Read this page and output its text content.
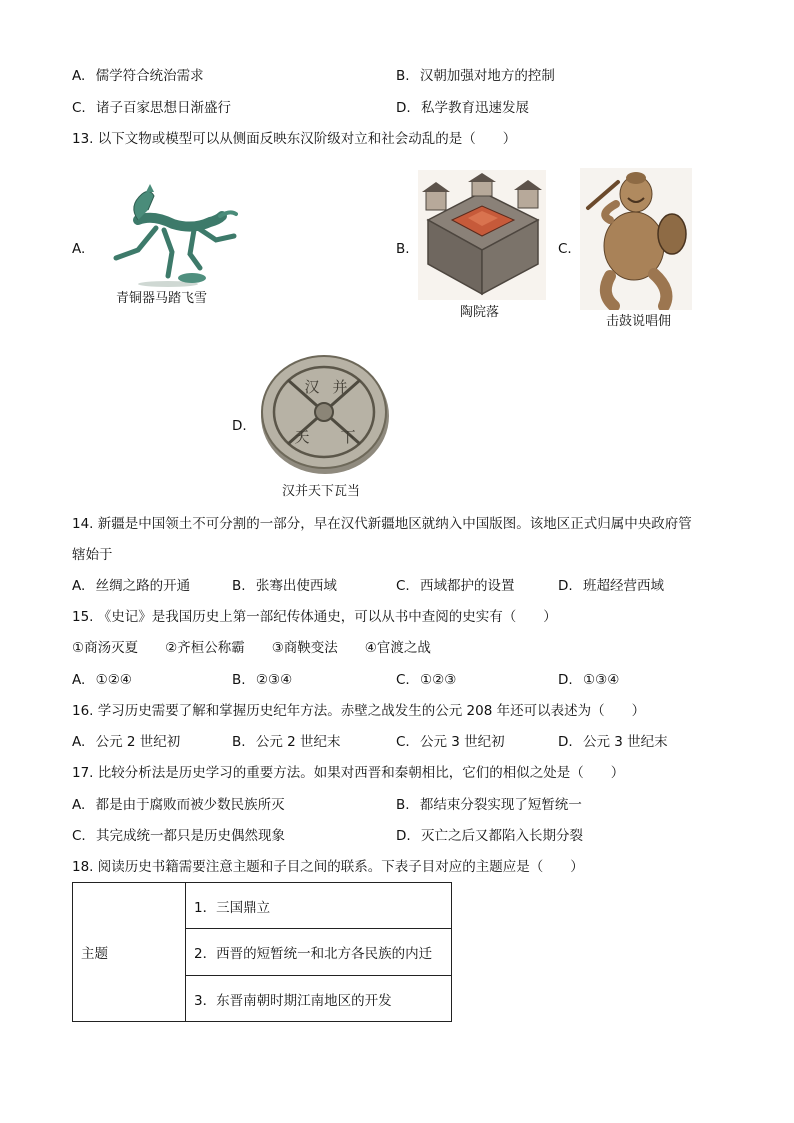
A. 儒学符合统治需求	B. 汉朝加强对地方的控制
C. 诸子百家思想日渐盛行	D. 私学教育迅速发展
13. 以下文物或模型可以从侧面反映东汉阶级对立和社会动乱的是（　　）
A.
青铜器马踏飞雪
B.
陶院落
C.
击鼓说唱佣
D.
汉 并
天 下
汉并天下瓦当
14. 新疆是中国领土不可分割的一部分，早在汉代新疆地区就纳入中国版图。该地区正式归属中央政府管
辖始于
A. 丝绸之路的开通	B. 张骞出使西域	C. 西域都护的设置	D. 班超经营西域
15. 《史记》是我国历史上第一部纪传体通史，可以从书中查阅的史实有（　　）
①商汤灭夏　　②齐桓公称霸　　③商鞅变法　　④官渡之战
A. ①②④	B. ②③④	C. ①②③	D. ①③④
16. 学习历史需要了解和掌握历史纪年方法。赤壁之战发生的公元 208 年还可以表述为（　　）
A. 公元 2 世纪初	B. 公元 2 世纪末	C. 公元 3 世纪初	D. 公元 3 世纪末
17. 比较分析法是历史学习的重要方法。如果对西晋和秦朝相比，它们的相似之处是（　　）
A. 都是由于腐败而被少数民族所灭	B. 都结束分裂实现了短暂统一
C. 其完成统一都只是历史偶然现象	D. 灭亡之后又都陷入长期分裂
18. 阅读历史书籍需要注意主题和子目之间的联系。下表子目对应的主题应是（　　）
主题	1．三国鼎立
2．西晋的短暂统一和北方各民族的内迁
3．东晋南朝时期江南地区的开发
